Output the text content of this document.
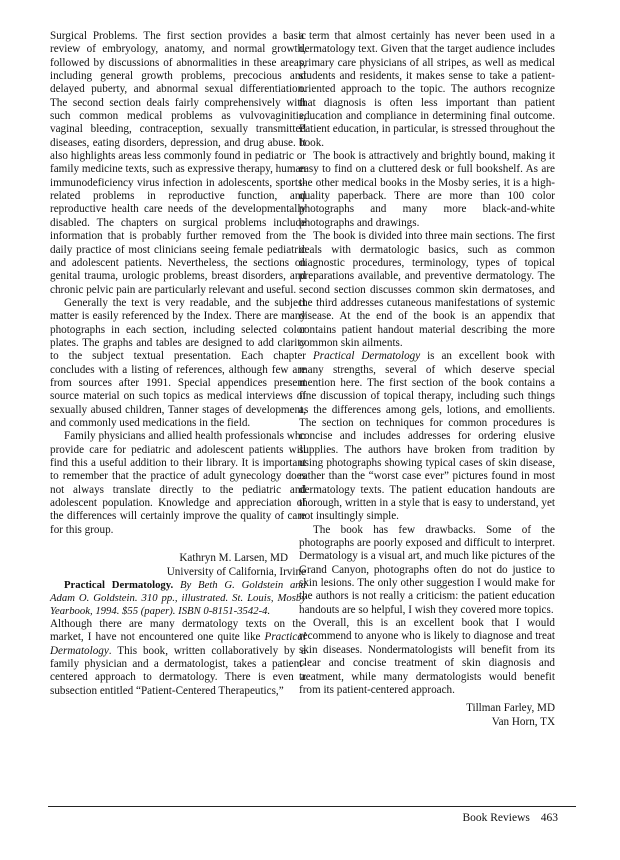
Surgical Problems. The first section provides a basic review of embryology, anatomy, and normal growth, followed by discussions of abnormalities in these areas, including general growth problems, precocious and delayed puberty, and abnormal sexual differentiation. The second section deals fairly comprehensively with such common medical problems as vulvovaginitis, vaginal bleeding, contraception, sexually transmitted diseases, eating disorders, depression, and drug abuse. It also highlights areas less commonly found in pediatric or family medicine texts, such as expressive therapy, human immunodeficiency virus infection in adolescents, sports-related problems in reproductive function, and reproductive health care needs of the developmentally disabled. The chapters on surgical problems include information that is probably further removed from the daily practice of most clinicians seeing female pediatric and adolescent patients. Nevertheless, the sections on genital trauma, urologic problems, breast disorders, and chronic pelvic pain are particularly relevant and useful.

Generally the text is very readable, and the subject matter is easily referenced by the Index. There are many photographs in each section, including selected color plates. The graphs and tables are designed to add clarity to the subject textual presentation. Each chapter concludes with a listing of references, although few are from sources after 1991. Special appendices present source material on such topics as medical interviews of sexually abused children, Tanner stages of development, and commonly used medications in the field.

Family physicians and allied health professionals who provide care for pediatric and adolescent patients will find this a useful addition to their library. It is important to remember that the practice of adult gynecology does not always translate directly to the pediatric and adolescent population. Knowledge and appreciation of the differences will certainly improve the quality of care for this group.

Kathryn M. Larsen, MD
University of California, Irvine

Practical Dermatology. By Beth G. Goldstein and Adam O. Goldstein. 310 pp., illustrated. St. Louis, Mosby Yearbook, 1994. $55 (paper). ISBN 0-8151-3542-4.

Although there are many dermatology texts on the market, I have not encountered one quite like Practical Dermatology. This book, written collaboratively by a family physician and a dermatologist, takes a patient-centered approach to dermatology. There is even a subsection entitled “Patient-Centered Therapeutics,”

a term that almost certainly has never been used in a dermatology text. Given that the target audience includes primary care physicians of all stripes, as well as medical students and residents, it makes sense to take a patient-oriented approach to the topic. The authors recognize that diagnosis is often less important than patient education and compliance in determining final outcome. Patient education, in particular, is stressed throughout the book.

The book is attractively and brightly bound, making it easy to find on a cluttered desk or full bookshelf. As are the other medical books in the Mosby series, it is a high-quality paperback. There are more than 100 color photographs and many more black-and-white photographs and drawings.

The book is divided into three main sections. The first deals with dermatologic basics, such as common diagnostic procedures, terminology, types of topical preparations available, and preventive dermatology. The second section discusses common skin dermatoses, and the third addresses cutaneous manifestations of systemic disease. At the end of the book is an appendix that contains patient handout material describing the more common skin ailments.

Practical Dermatology is an excellent book with many strengths, several of which deserve special mention here. The first section of the book contains a fine discussion of topical therapy, including such things as the differences among gels, lotions, and emollients. The section on techniques for common procedures is concise and includes addresses for ordering elusive supplies. The authors have broken from tradition by using photographs showing typical cases of skin disease, rather than the “worst case ever” pictures found in most dermatology texts. The patient education handouts are thorough, written in a style that is easy to understand, yet not insultingly simple.

The book has few drawbacks. Some of the photographs are poorly exposed and difficult to interpret. Dermatology is a visual art, and much like pictures of the Grand Canyon, photographs often do not do justice to skin lesions. The only other suggestion I would make for the authors is not really a criticism: the patient education handouts are so helpful, I wish they covered more topics.

Overall, this is an excellent book that I would recommend to anyone who is likely to diagnose and treat skin diseases. Nondermatologists will benefit from its clear and concise treatment of skin diagnosis and treatment, while many dermatologists would benefit from its patient-centered approach.

Tillman Farley, MD
Van Horn, TX
Book Reviews 463
